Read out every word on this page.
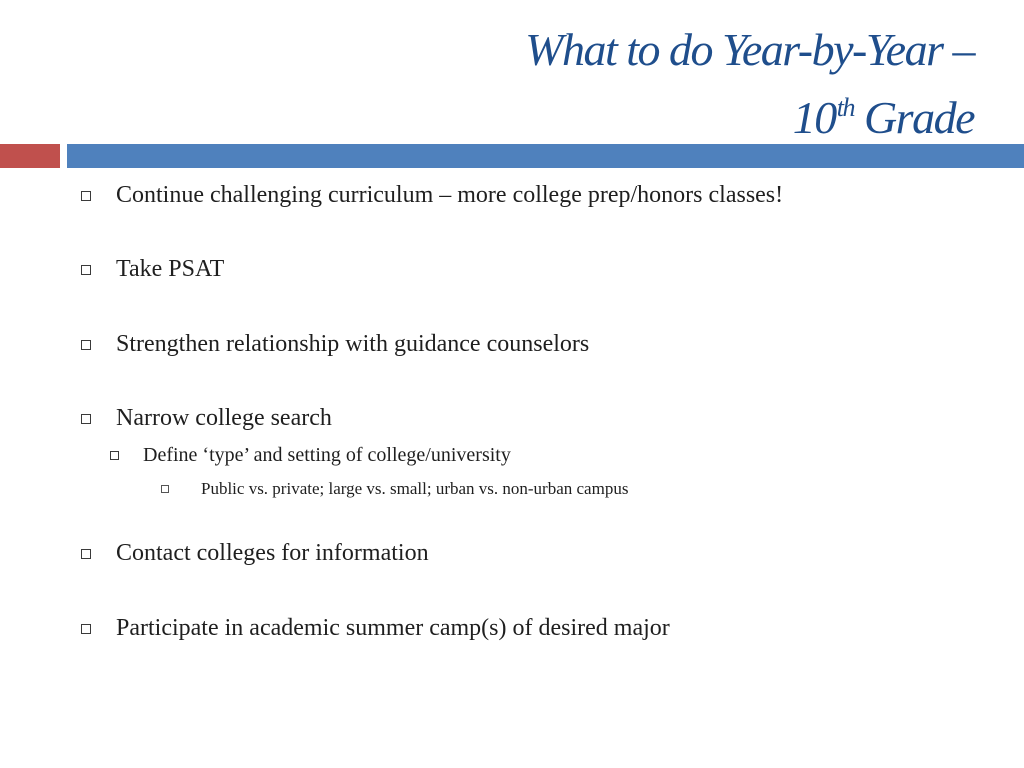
What to do Year-by-Year –
10th Grade
Continue challenging curriculum – more college prep/honors classes!
Take PSAT
Strengthen relationship with guidance counselors
Narrow college search
Define ‘type’ and setting of college/university
Public vs. private; large vs. small; urban vs. non-urban campus
Contact colleges for information
Participate in academic summer camp(s) of desired major
